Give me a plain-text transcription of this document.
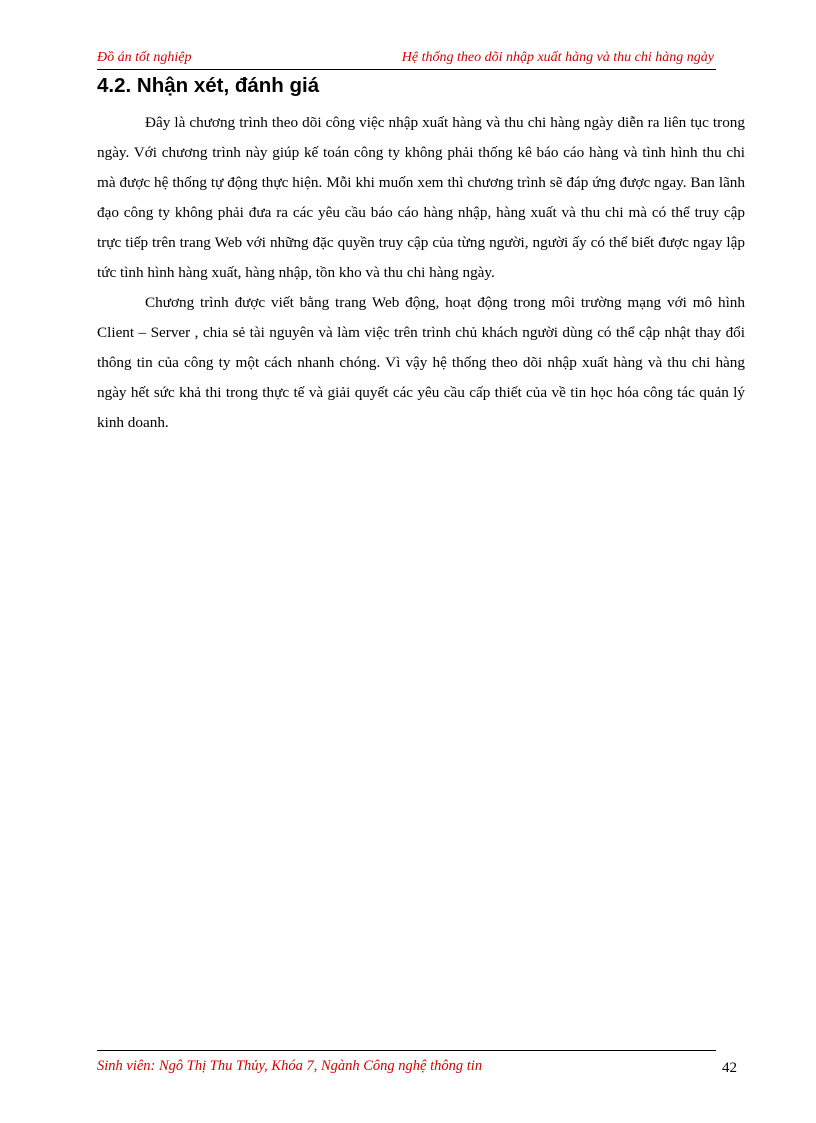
Đồ án tốt nghiệp	Hệ thống theo dõi nhập xuất hàng và thu chi hàng ngày
4.2. Nhận xét, đánh giá

Đây là chương trình theo dõi công việc nhập xuất hàng và thu chi hàng ngày diễn ra liên tục trong ngày. Với chương trình này giúp kế toán công ty không phải thống kê báo cáo hàng và tình hình thu chi mà được hệ thống tự động thực hiện. Mỗi khi muốn xem thì chương trình sẽ đáp ứng được ngay. Ban lãnh đạo công ty không phải đưa ra các yêu cầu báo cáo hàng nhập, hàng xuất và thu chi mà có thể truy cập trực tiếp trên trang Web với những đặc quyền truy cập của từng người, người ấy có thể biết được ngay lập tức tình hình hàng xuất, hàng nhập, tồn kho và thu chi hàng ngày.

Chương trình được viết bằng trang Web động, hoạt động trong môi trường mạng với mô hình Client – Server , chia sẻ tài nguyên và làm việc trên trình chủ khách người dùng có thể cập nhật thay đổi thông tin của công ty một cách nhanh chóng. Vì vậy hệ thống theo dõi nhập xuất hàng và thu chi hàng ngày hết sức khả thi trong thực tế và giải quyết các yêu cầu cấp thiết của về tin học hóa công tác quản lý kinh doanh.

Sinh viên: Ngô Thị Thu Thủy, Khóa 7, Ngành Công nghệ thông tin	42
